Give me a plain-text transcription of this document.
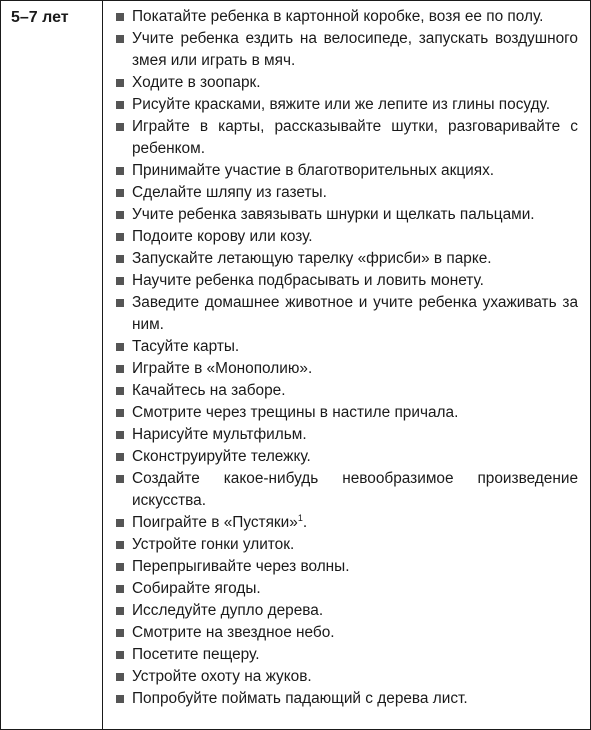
5–7 лет	Покатайте ребенка в картонной коробке, возя ее по полу.
Учите ребенка ездить на велосипеде, запускать воздушного змея или играть в мяч.
Ходите в зоопарк.
Рисуйте красками, вяжите или же лепите из глины посуду.
Играйте в карты, рассказывайте шутки, разговаривайте с ребенком.
Принимайте участие в благотворительных акциях.
Сделайте шляпу из газеты.
Учите ребенка завязывать шнурки и щелкать пальцами.
Подоите корову или козу.
Запускайте летающую тарелку «фрисби» в парке.
Научите ребенка подбрасывать и ловить монету.
Заведите домашнее животное и учите ребенка ухаживать за ним.
Тасуйте карты.
Играйте в «Монополию».
Качайтесь на заборе.
Смотрите через трещины в настиле причала.
Нарисуйте мультфильм.
Сконструируйте тележку.
Создайте какое-нибудь невообразимое произведение искусства.
Поиграйте в «Пустяки»$^1$.
Устройте гонки улиток.
Перепрыгивайте через волны.
Собирайте ягоды.
Исследуйте дупло дерева.
Смотрите на звездное небо.
Посетите пещеру.
Устройте охоту на жуков.
Попробуйте поймать падающий с дерева лист.
